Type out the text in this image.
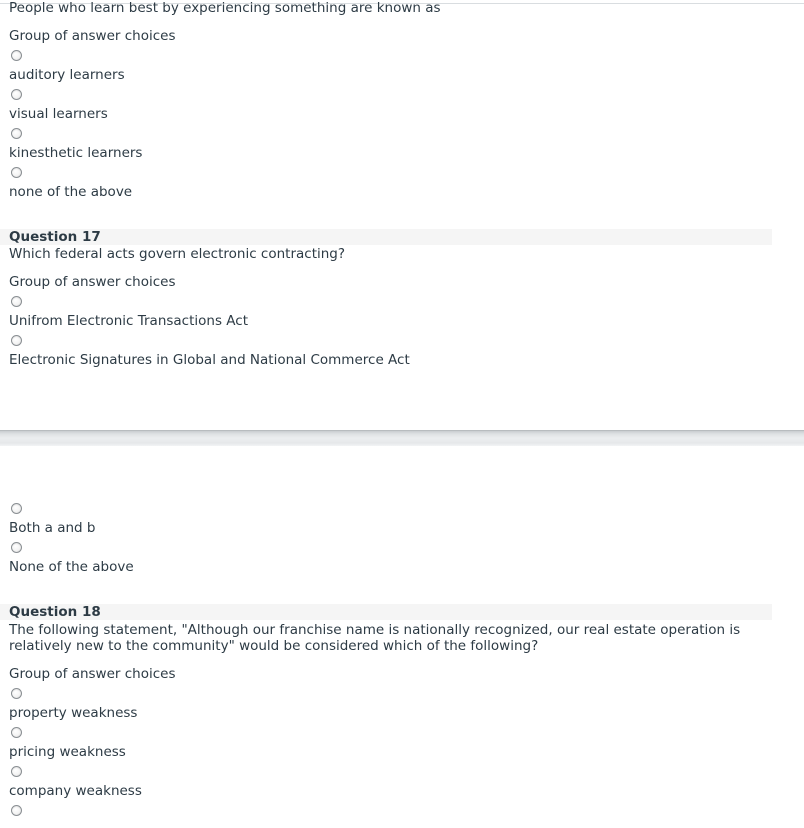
People who learn best by experiencing something are known as
Group of answer choices
auditory learners
visual learners
kinesthetic learners
none of the above
Question 17
Which federal acts govern electronic contracting?
Group of answer choices
Unifrom Electronic Transactions Act
Electronic Signatures in Global and National Commerce Act
Both a and b
None of the above
Question 18
The following statement, "Although our franchise name is nationally recognized, our real estate operation is relatively new to the community" would be considered which of the following?
Group of answer choices
property weakness
pricing weakness
company weakness
